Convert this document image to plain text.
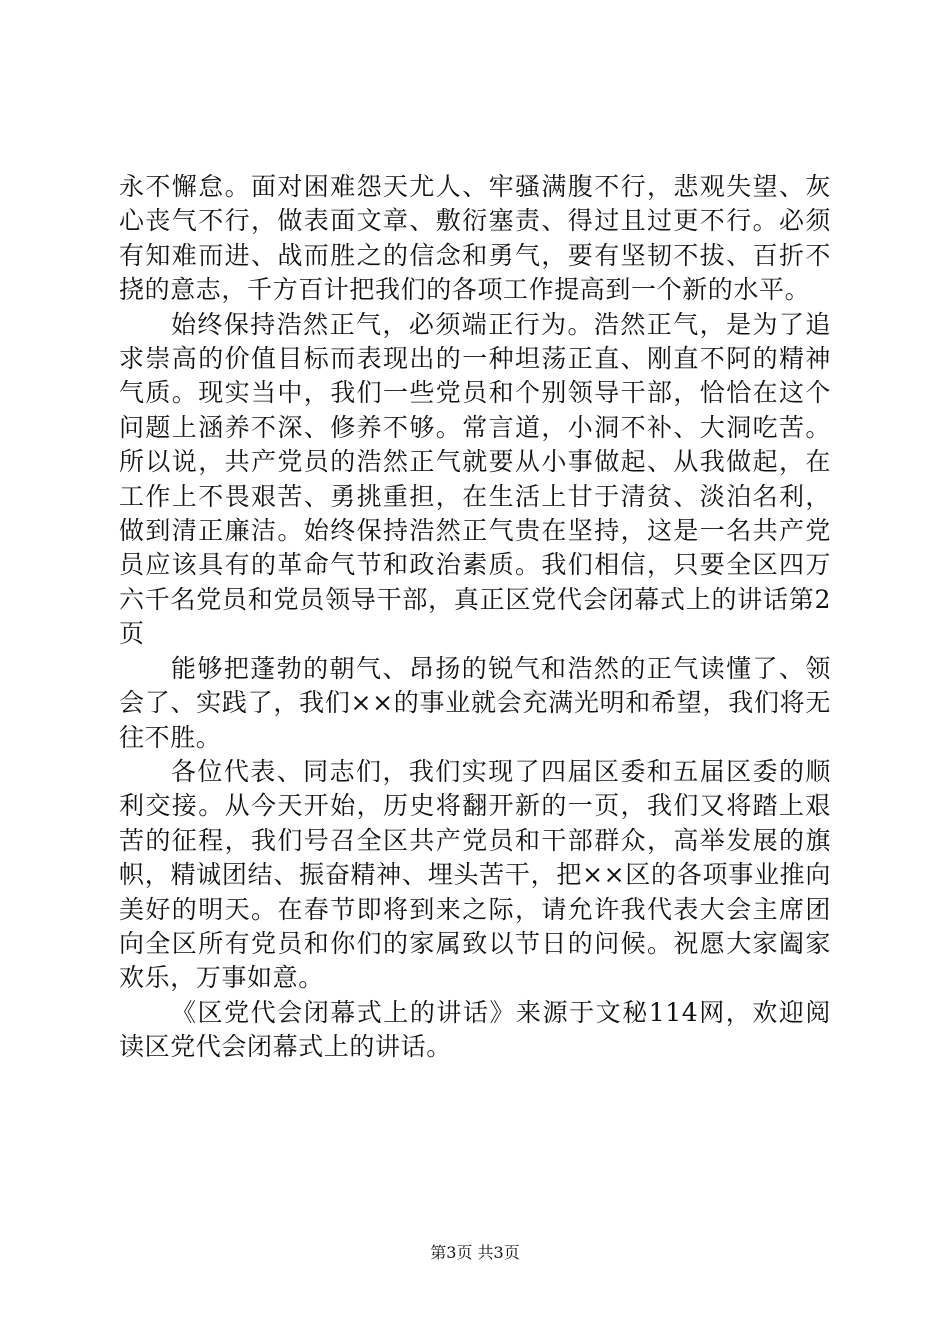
永不懈怠。面对困难怨天尤人、牢骚满腹不行，悲观失望、灰心丧气不行，做表面文章、敷衍塞责、得过且过更不行。必须有知难而进、战而胜之的信念和勇气，要有坚韧不拔、百折不挠的意志，千方百计把我们的各项工作提高到一个新的水平。

始终保持浩然正气，必须端正行为。浩然正气，是为了追求崇高的价值目标而表现出的一种坦荡正直、刚直不阿的精神气质。现实当中，我们一些党员和个别领导干部，恰恰在这个问题上涵养不深、修养不够。常言道，小洞不补、大洞吃苦。所以说，共产党员的浩然正气就要从小事做起、从我做起，在工作上不畏艰苦、勇挑重担，在生活上甘于清贫、淡泊名利，做到清正廉洁。始终保持浩然正气贵在坚持，这是一名共产党员应该具有的革命气节和政治素质。我们相信，只要全区四万六千名党员和党员领导干部，真正区党代会闭幕式上的讲话第2页

能够把蓬勃的朝气、昂扬的锐气和浩然的正气读懂了、领会了、实践了，我们××的事业就会充满光明和希望，我们将无往不胜。

各位代表、同志们，我们实现了四届区委和五届区委的顺利交接。从今天开始，历史将翻开新的一页，我们又将踏上艰苦的征程，我们号召全区共产党员和干部群众，高举发展的旗帜，精诚团结、振奋精神、埋头苦干，把××区的各项事业推向美好的明天。在春节即将到来之际，请允许我代表大会主席团向全区所有党员和你们的家属致以节日的问候。祝愿大家阖家欢乐，万事如意。

《区党代会闭幕式上的讲话》来源于文秘114网，欢迎阅读区党代会闭幕式上的讲话。

第3页 共3页
